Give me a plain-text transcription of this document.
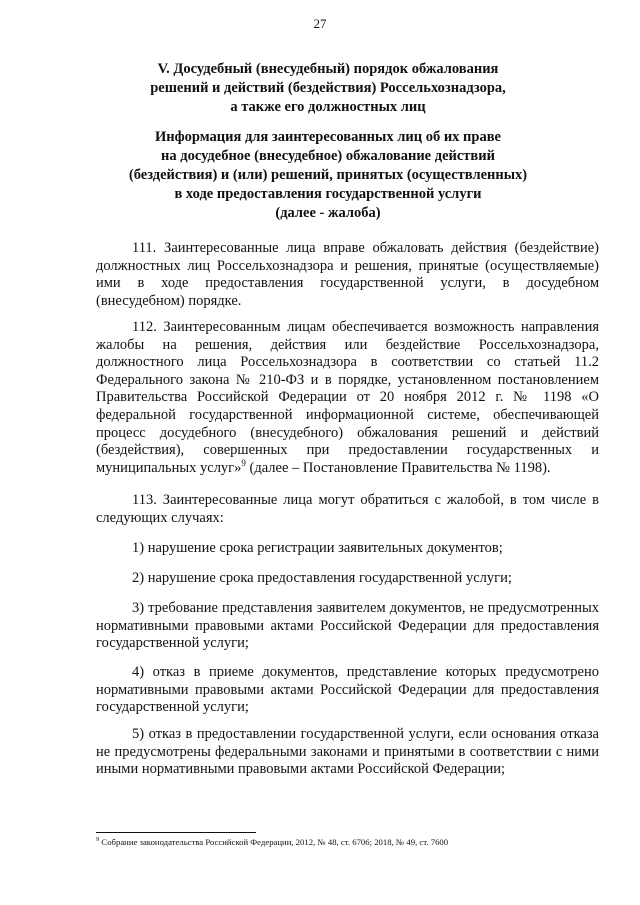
27
V. Досудебный (внесудебный) порядок обжалования
решений и действий (бездействия) Россельхознадзора,
а также его должностных лиц
Информация для заинтересованных лиц об их праве
на досудебное (внесудебное) обжалование действий
(бездействия) и (или) решений, принятых (осуществленных)
в ходе предоставления государственной услуги
(далее - жалоба)
111. Заинтересованные лица вправе обжаловать действия (бездействие) должностных лиц Россельхознадзора и решения, принятые (осуществляемые) ими в ходе предоставления государственной услуги, в досудебном (внесудебном) порядке.
112. Заинтересованным лицам обеспечивается возможность направления жалобы на решения, действия или бездействие Россельхознадзора, должностного лица Россельхознадзора в соответствии со статьей 11.2 Федерального закона № 210-ФЗ и в порядке, установленном постановлением Правительства Российской Федерации от 20 ноября 2012 г. № 1198 «О федеральной государственной информационной системе, обеспечивающей процесс досудебного (внесудебного) обжалования решений и действий (бездействия), совершенных при предоставлении государственных и муниципальных услуг»$^9$ (далее – Постановление Правительства № 1198).
113. Заинтересованные лица могут обратиться с жалобой, в том числе в следующих случаях:
1) нарушение срока регистрации заявительных документов;
2) нарушение срока предоставления государственной услуги;
3) требование представления заявителем документов, не предусмотренных нормативными правовыми актами Российской Федерации для предоставления государственной услуги;
4) отказ в приеме документов, представление которых предусмотрено нормативными правовыми актами Российской Федерации для предоставления государственной услуги;
5) отказ в предоставлении государственной услуги, если основания отказа не предусмотрены федеральными законами и принятыми в соответствии с ними иными нормативными правовыми актами Российской Федерации;
$^9$ Собрание законодательства Российской Федерации, 2012, № 48, ст. 6706; 2018, № 49, ст. 7600
